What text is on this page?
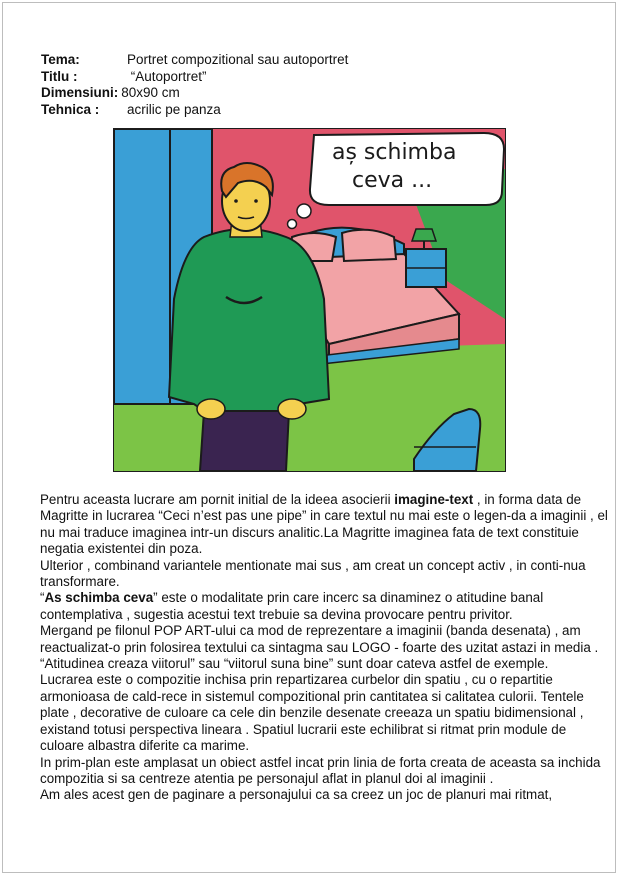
Tema:	Portret compozitional sau autoportret
Titlu :	“Autoportret”
Dimensiuni: 80x90 cm
Tehnica :	acrilic pe panza
aș schimba
ceva ...

Pentru aceasta lucrare am pornit initial de la ideea asocierii imagine-text , in forma data de Magritte in lucrarea “Ceci n’est pas une pipe” in care textul nu mai este o legen-da a imaginii , el nu mai traduce imaginea intr-un discurs analitic.La Magritte imaginea fata de text constituie negatia existentei din poza.

Ulterior , combinand variantele mentionate mai sus , am creat un concept activ , in conti-nua transformare.

“As schimba ceva” este o modalitate prin care incerc sa dinaminez o atitudine banal contemplativa , sugestia acestui text trebuie sa devina provocare pentru privitor.

Mergand pe filonul POP ART-ului ca mod de reprezentare a imaginii (banda desenata) , am reactualizat-o prin folosirea textului ca sintagma sau LOGO - foarte des uzitat astazi in media . “Atitudinea creaza viitorul” sau “viitorul suna bine” sunt doar cateva astfel de exemple.

Lucrarea este o compozitie inchisa prin repartizarea curbelor din spatiu , cu o repartitie armonioasa de cald-rece in sistemul compozitional prin cantitatea si calitatea culorii. Tentele plate , decorative de culoare ca cele din benzile desenate creeaza un spatiu bidimensional , existand totusi perspectiva lineara . Spatiul lucrarii este echilibrat si ritmat prin module de culoare albastra diferite ca marime.

In prim-plan este amplasat un obiect astfel incat prin linia de forta creata de aceasta sa inchida compozitia si sa centreze atentia pe personajul aflat in planul doi al imaginii .

Am ales acest gen de paginare a personajului ca sa creez un joc de planuri mai ritmat,
